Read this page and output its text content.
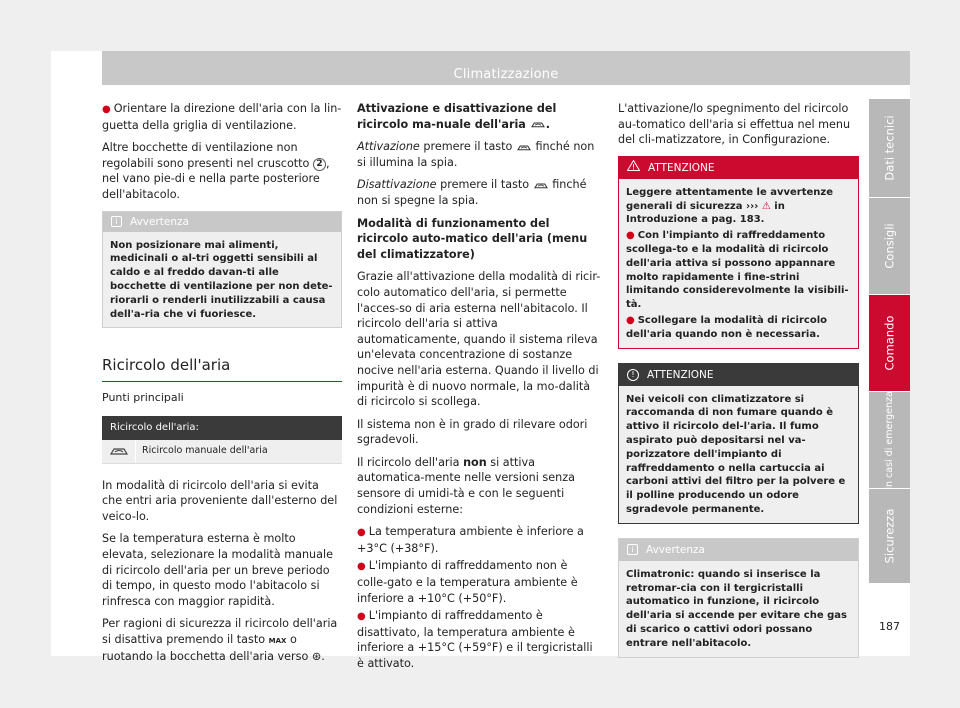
Climatizzazione

● Orientare la direzione dell'aria con la lin-guetta della griglia di ventilazione.

Altre bocchette di ventilazione non regolabili sono presenti nel cruscotto 2 , nel vano pie-di e nella parte posteriore dell'abitacolo.

i	Avvertenza
Non posizionare mai alimenti, medicinali o al-tri oggetti sensibili al caldo e al freddo davan-ti alle bocchette di ventilazione per non dete-riorarli o renderli inutilizzabili a causa dell'a-ria che vi fuoriesce.
Ricircolo dell'aria
Punti principali
Ricircolo dell'aria:
Ricircolo manuale dell'aria

In modalità di ricircolo dell'aria si evita che entri aria proveniente dall'esterno del veico-lo.

Se la temperatura esterna è molto elevata, selezionare la modalità manuale di ricircolo dell'aria per un breve periodo di tempo, in questo modo l'abitacolo si rinfresca con maggior rapidità.

Per ragioni di sicurezza il ricircolo dell'aria si disattiva premendo il tasto MAX o ruotando la bocchetta dell'aria verso ⊛.

Attivazione e disattivazione del ricircolo ma-nuale dell'aria .

Attivazione premere il tasto finché non si illumina la spia.

Disattivazione premere il tasto finché non si spegne la spia.

Modalità di funzionamento del ricircolo auto-matico dell'aria (menu del climatizzatore)

Grazie all'attivazione della modalità di ricir-colo automatico dell'aria, si permette l'acces-so di aria esterna nell'abitacolo. Il ricircolo dell'aria si attiva automaticamente, quando il sistema rileva un'elevata concentrazione di sostanze nocive nell'aria esterna. Quando il livello di impurità è di nuovo normale, la mo-dalità di ricircolo si scollega.

Il sistema non è in grado di rilevare odori sgradevoli.

Il ricircolo dell'aria non si attiva automatica-mente nelle versioni senza sensore di umidi-tà e con le seguenti condizioni esterne:

● La temperatura ambiente è inferiore a +3°C (+38°F).

● L'impianto di raffreddamento non è colle-gato e la temperatura ambiente è inferiore a +10°C (+50°F).

● L'impianto di raffreddamento è disattivato, la temperatura ambiente è inferiore a +15°C (+59°F) e il tergicristalli è attivato.

L'attivazione/lo spegnimento del ricircolo au-tomatico dell'aria si effettua nel menu del cli-matizzatore, in Configurazione.

ATTENZIONE
Leggere attentamente le avvertenze generali di sicurezza ››› ⚠ in Introduzione a pag. 183.
● Con l'impianto di raffreddamento scollega-to e la modalità di ricircolo dell'aria attiva si possono appannare molto rapidamente i fine-strini limitando considerevolmente la visibili-tà.
● Scollegare la modalità di ricircolo dell'aria quando non è necessaria.
!	ATTENZIONE
Nei veicoli con climatizzatore si raccomanda di non fumare quando è attivo il ricircolo del-l'aria. Il fumo aspirato può depositarsi nel va-porizzatore dell'impianto di raffreddamento o nella cartuccia ai carboni attivi del filtro per la polvere e il polline producendo un odore sgradevole permanente.
i	Avvertenza
Climatronic: quando si inserisce la retromar-cia con il tergicristalli automatico in funzione, il ricircolo dell'aria si accende per evitare che gas di scarico o cattivi odori possano entrare nell'abitacolo.
Dati tecnici
Consigli
Comando
In casi di emergenza
Sicurezza
187
